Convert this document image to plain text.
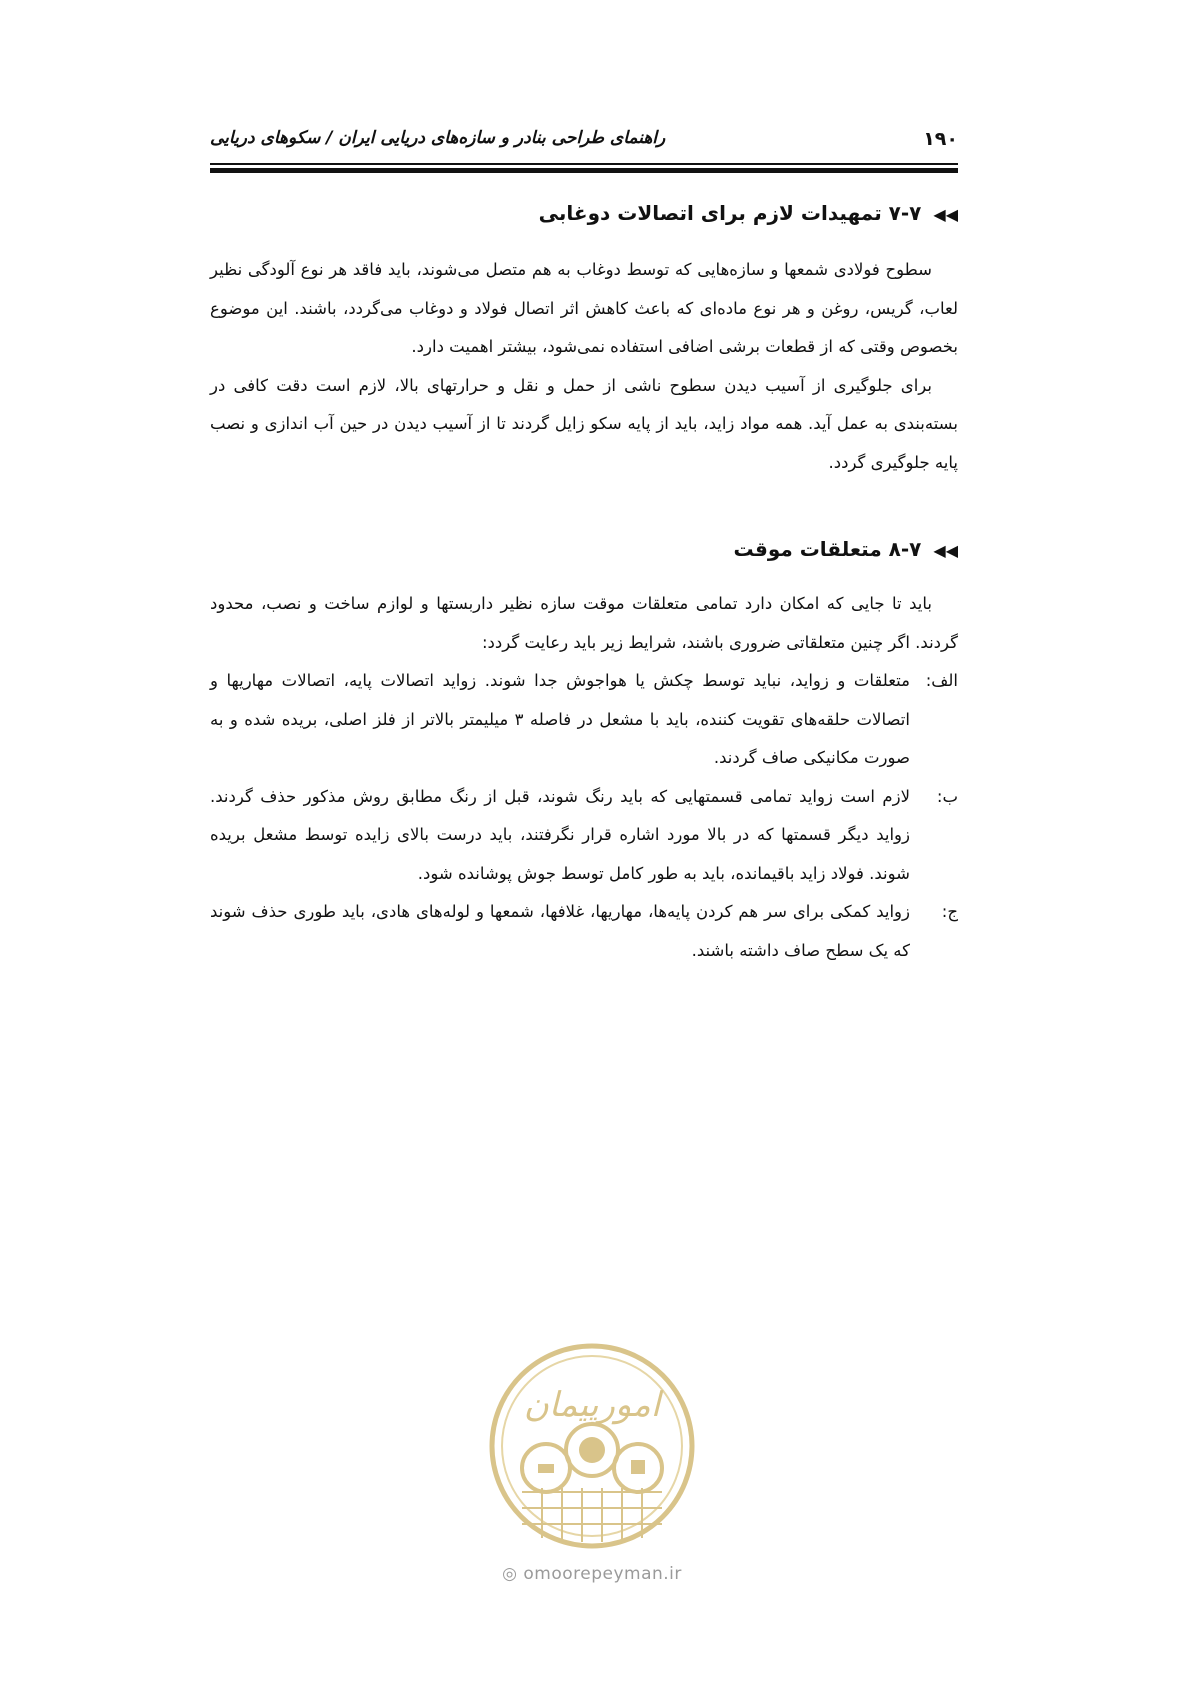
۱۹۰
راهنمای طراحی بنادر و سازه‌های دریایی ایران / سکوهای دریایی
◀◀۷-۷ تمهیدات لازم برای اتصالات دوغابی

سطوح فولادی شمعها و سازه‌هایی که توسط دوغاب به هم متصل می‌شوند، باید فاقد هر نوع آلودگی نظیر لعاب، گریس، روغن و هر نوع ماده‌ای که باعث کاهش اثر اتصال فولاد و دوغاب می‌گردد، باشند. این موضوع بخصوص وقتی که از قطعات برشی اضافی استفاده نمی‌شود، بیشتر اهمیت دارد.

برای جلوگیری از آسیب دیدن سطوح ناشی از حمل و نقل و حرارتهای بالا، لازم است دقت کافی در بسته‌بندی به عمل آید. همه مواد زاید، باید از پایه سکو زایل گردند تا از آسیب دیدن در حین آب اندازی و نصب پایه جلوگیری گردد.

◀◀۸-۷ متعلقات موقت

باید تا جایی که امکان دارد تمامی متعلقات موقت سازه نظیر داربستها و لوازم ساخت و نصب، محدود گردند. اگر چنین متعلقاتی ضروری باشند، شرایط زیر باید رعایت گردد:

الف:
متعلقات و زواید، نباید توسط چکش یا هواجوش جدا شوند. زواید اتصالات پایه، اتصالات مهاریها و اتصالات حلقه‌های تقویت کننده، باید با مشعل در فاصله ۳ میلیمتر بالاتر از فلز اصلی، بریده شده و به صورت مکانیکی صاف گردند.
ب:
لازم است زواید تمامی قسمتهایی که باید رنگ شوند، قبل از رنگ مطابق روش مذکور حذف گردند. زواید دیگر قسمتها که در بالا مورد اشاره قرار نگرفتند، باید درست بالای زایده توسط مشعل بریده شوند. فولاد زاید باقیمانده، باید به طور کامل توسط جوش پوشانده شود.
ج:
زواید کمکی برای سر هم کردن پایه‌ها، مهاریها، غلافها، شمعها و لوله‌های هادی، باید طوری حذف شوند که یک سطح صاف داشته باشند.
امورپیمان
◎ omoorepeyman.ir
